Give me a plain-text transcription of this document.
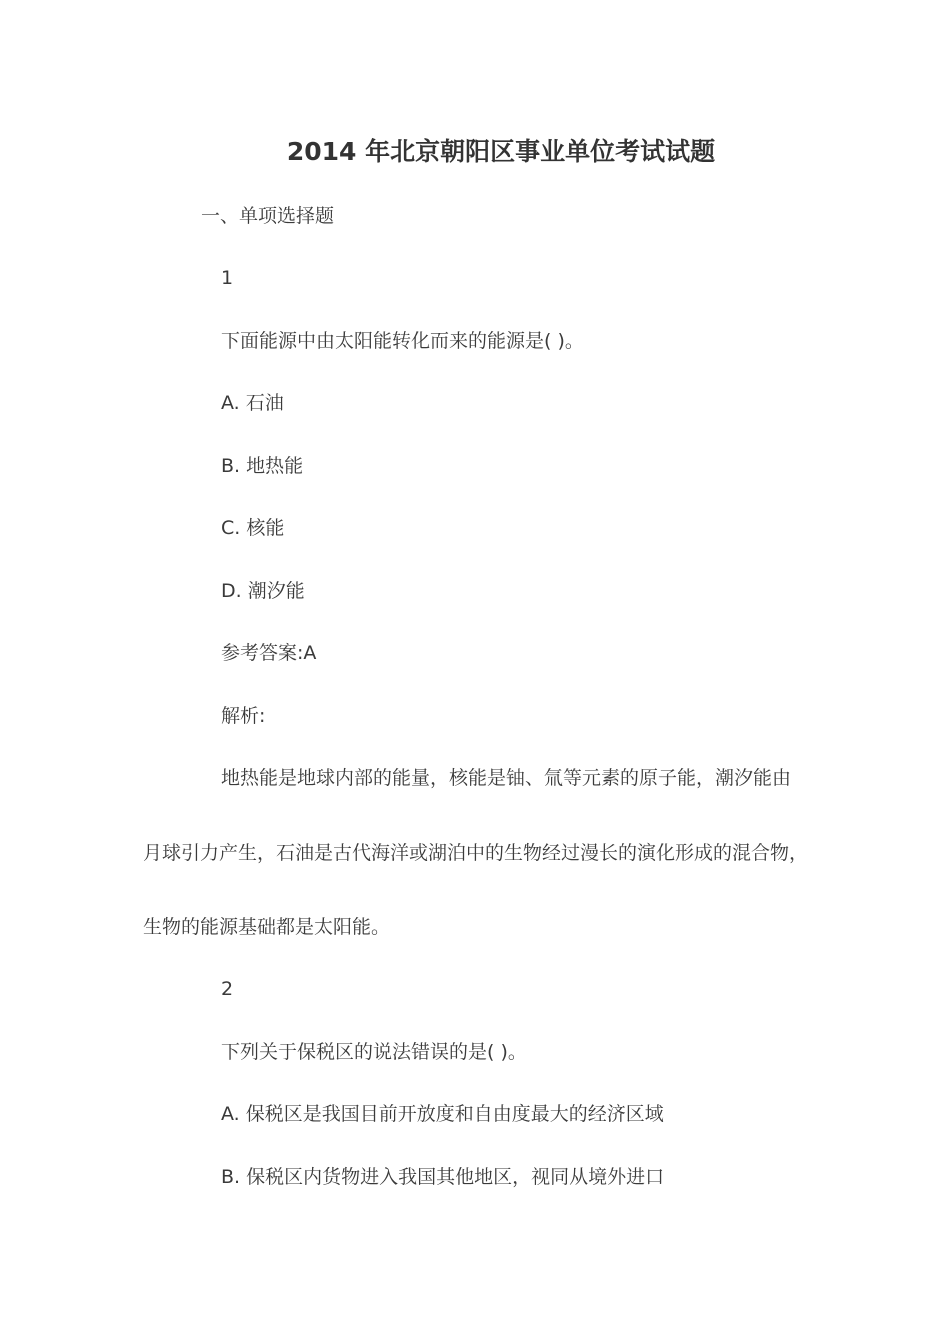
2014 年北京朝阳区事业单位考试试题
一、单项选择题
1
下面能源中由太阳能转化而来的能源是( )。
A. 石油
B. 地热能
C. 核能
D. 潮汐能
参考答案:A
解析:
地热能是地球内部的能量，核能是铀、氚等元素的原子能，潮汐能由
月球引力产生，石油是古代海洋或湖泊中的生物经过漫长的演化形成的混合物，
生物的能源基础都是太阳能。
2
下列关于保税区的说法错误的是( )。
A. 保税区是我国目前开放度和自由度最大的经济区域
B. 保税区内货物进入我国其他地区，视同从境外进口
